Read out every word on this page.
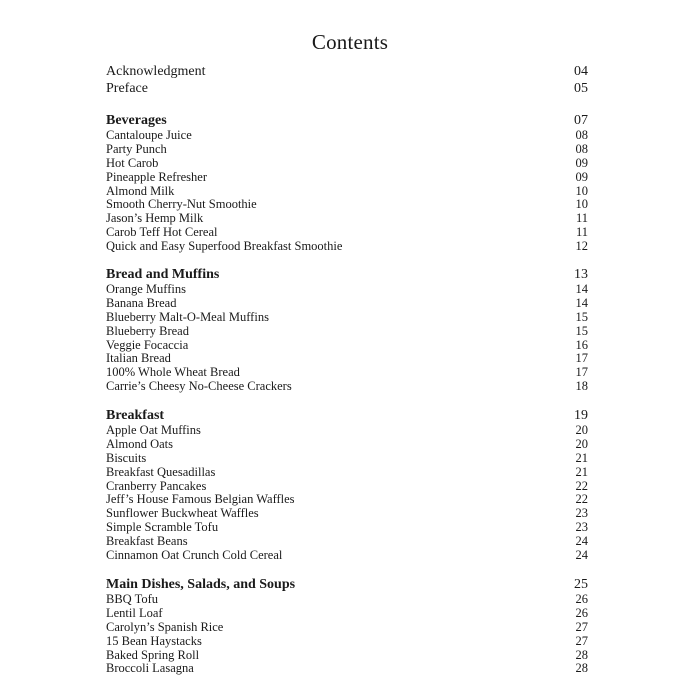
Contents
Acknowledgment	04
Preface	05
Beverages	07
Cantaloupe Juice	08
Party Punch	08
Hot Carob	09
Pineapple Refresher	09
Almond Milk	10
Smooth Cherry-Nut Smoothie	10
Jason’s Hemp Milk	11
Carob Teff Hot Cereal	11
Quick and Easy Superfood Breakfast Smoothie	12
Bread and Muffins	13
Orange Muffins	14
Banana Bread	14
Blueberry Malt-O-Meal Muffins	15
Blueberry Bread	15
Veggie Focaccia	16
Italian Bread	17
100% Whole Wheat Bread	17
Carrie’s Cheesy No-Cheese Crackers	18
Breakfast	19
Apple Oat Muffins	20
Almond Oats	20
Biscuits	21
Breakfast Quesadillas	21
Cranberry Pancakes	22
Jeff’s House Famous Belgian Waffles	22
Sunflower Buckwheat Waffles	23
Simple Scramble Tofu	23
Breakfast Beans	24
Cinnamon Oat Crunch Cold Cereal	24
Main Dishes, Salads, and Soups	25
BBQ Tofu	26
Lentil Loaf	26
Carolyn’s Spanish Rice	27
15 Bean Haystacks	27
Baked Spring Roll	28
Broccoli Lasagna	28
